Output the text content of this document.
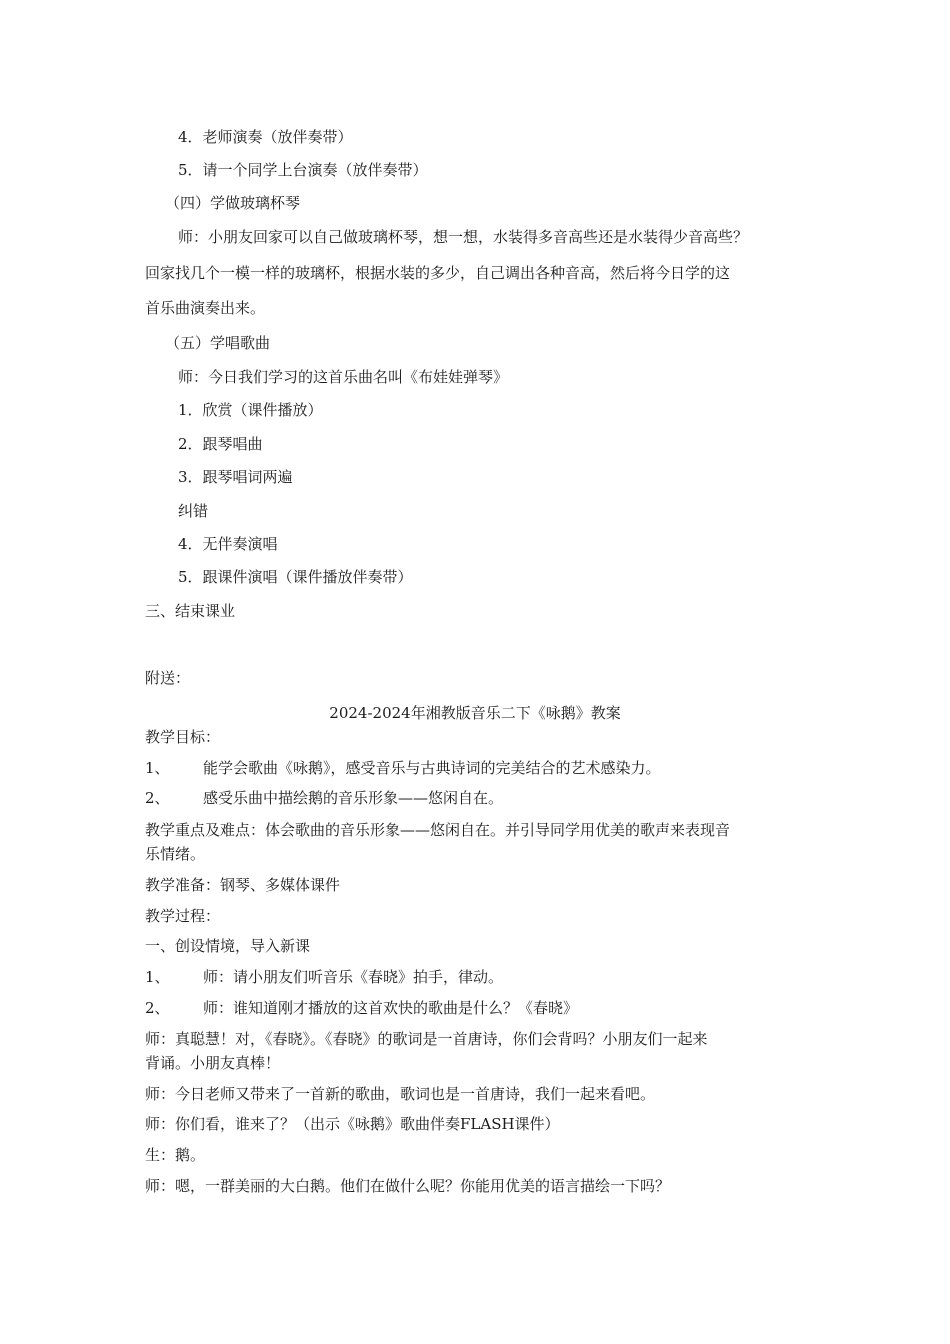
4．老师演奏（放伴奏带）
5．请一个同学上台演奏（放伴奏带）
（四）学做玻璃杯琴
师：小朋友回家可以自己做玻璃杯琴，想一想，水装得多音高些还是水装得少音高些？
回家找几个一模一样的玻璃杯，根据水装的多少，自己调出各种音高，然后将今日学的这
首乐曲演奏出来。
（五）学唱歌曲
师：今日我们学习的这首乐曲名叫《布娃娃弹琴》
1．欣赏（课件播放）
2．跟琴唱曲
3．跟琴唱词两遍
纠错
4．无伴奏演唱
5．跟课件演唱（课件播放伴奏带）
三、结束课业
附送：
2024-2024年湘教版音乐二下《咏鹅》教案
教学目标：
1、 能学会歌曲《咏鹅》，感受音乐与古典诗词的完美结合的艺术感染力。
2、 感受乐曲中描绘鹅的音乐形象——悠闲自在。
教学重点及难点：体会歌曲的音乐形象——悠闲自在。并引导同学用优美的歌声来表现音
乐情绪。
教学准备：钢琴、多媒体课件
教学过程：
一、创设情境，导入新课
1、 师：请小朋友们听音乐《春晓》拍手，律动。
2、 师：谁知道刚才播放的这首欢快的歌曲是什么？《春晓》
师：真聪慧！对，《春晓》。《春晓》的歌词是一首唐诗，你们会背吗？小朋友们一起来
背诵。小朋友真棒！
师：今日老师又带来了一首新的歌曲，歌词也是一首唐诗，我们一起来看吧。
师：你们看，谁来了？（出示《咏鹅》歌曲伴奏FLASH课件）
生：鹅。
师：嗯，一群美丽的大白鹅。他们在做什么呢？你能用优美的语言描绘一下吗？
